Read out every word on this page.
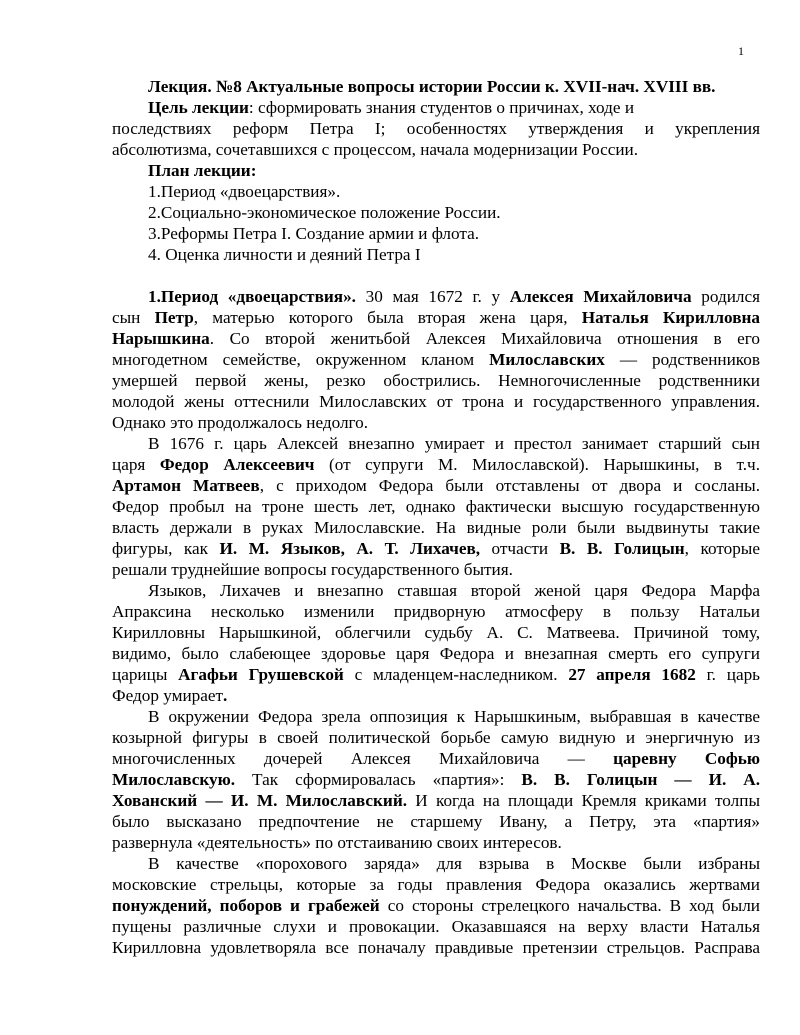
1
Лекция. №8 Актуальные вопросы истории России к. XVII-нач. XVIII вв.
Цель лекции: сформировать знания студентов о причинах, ходе и
последствиях реформ Петра I; особенностях утверждения и укрепления
абсолютизма, сочетавшихся с процессом, начала модернизации России.
План лекции:
1.Период «двоецарствия».
2.Социально-экономическое положение России.
3.Реформы Петра I. Создание армии и флота.
4. Оценка личности и деяний Петра I
1.Период «двоецарствия». 30 мая 1672 г. у Алексея Михайловича родился
сын Петр, матерью которого была вторая жена царя, Наталья Кирилловна
Нарышкина. Со второй женитьбой Алексея Михайловича отношения в его
многодетном семействе, окруженном кланом Милославских — родственников
умершей первой жены, резко обострились. Немногочисленные родственники
молодой жены оттеснили Милославских от трона и государственного управления.
Однако это продолжалось недолго.
В 1676 г. царь Алексей внезапно умирает и престол занимает старший сын
царя Федор Алексеевич (от супруги М. Милославской). Нарышкины, в т.ч.
Артамон Матвеев, с приходом Федора были отставлены от двора и сосланы.
Федор пробыл на троне шесть лет, однако фактически высшую государственную
власть держали в руках Милославские. На видные роли были выдвинуты такие
фигуры, как И. М. Языков, А. Т. Лихачев, отчасти В. В. Голицын, которые
решали труднейшие вопросы государственного бытия.
Языков, Лихачев и внезапно ставшая второй женой царя Федора Марфа
Апраксина несколько изменили придворную атмосферу в пользу Натальи
Кирилловны Нарышкиной, облегчили судьбу А. С. Матвеева. Причиной тому,
видимо, было слабеющее здоровье царя Федора и внезапная смерть его супруги
царицы Агафьи Грушевской с младенцем-наследником. 27 апреля 1682 г. царь
Федор умирает.
В окружении Федора зрела оппозиция к Нарышкиным, выбравшая в качестве
козырной фигуры в своей политической борьбе самую видную и энергичную из
многочисленных дочерей Алексея Михайловича — царевну Софью
Милославскую. Так сформировалась «партия»: В. В. Голицын — И. А.
Хованский — И. М. Милославский. И когда на площади Кремля криками толпы
было высказано предпочтение не старшему Ивану, а Петру, эта «партия»
развернула «деятельность» по отстаиванию своих интересов.
В качестве «порохового заряда» для взрыва в Москве были избраны
московские стрельцы, которые за годы правления Федора оказались жертвами
понуждений, поборов и грабежей со стороны стрелецкого начальства. В ход были
пущены различные слухи и провокации. Оказавшаяся на верху власти Наталья
Кирилловна удовлетворяла все поначалу правдивые претензии стрельцов. Расправа
